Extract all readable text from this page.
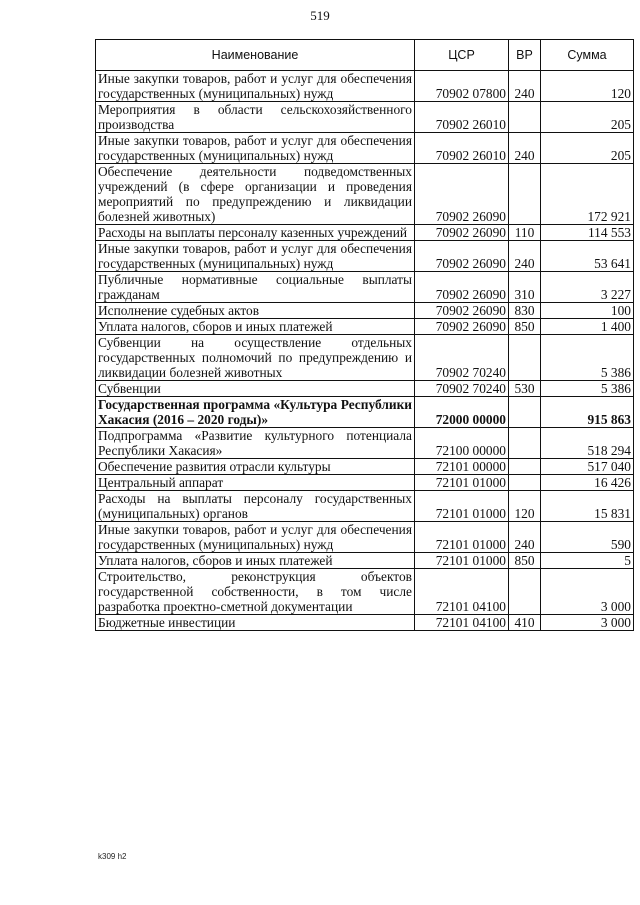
519
Наименование	ЦСР	ВР	Сумма
Иные закупки товаров, работ и услуг для обеспечения государственных (муниципальных) нужд	70902 07800	240	120
Мероприятия в области сельскохозяйственного производства	70902 26010		205
Иные закупки товаров, работ и услуг для обеспечения государственных (муниципальных) нужд	70902 26010	240	205
Обеспечение деятельности подведомственных учреждений (в сфере организации и проведения мероприятий по предупреждению и ликвидации болезней животных)	70902 26090		172 921
Расходы на выплаты персоналу казенных учреждений	70902 26090	110	114 553
Иные закупки товаров, работ и услуг для обеспечения государственных (муниципальных) нужд	70902 26090	240	53 641
Публичные нормативные социальные выплаты гражданам	70902 26090	310	3 227
Исполнение судебных актов	70902 26090	830	100
Уплата налогов, сборов и иных платежей	70902 26090	850	1 400
Субвенции на осуществление отдельных государственных полномочий по предупреждению и ликвидации болезней животных	70902 70240		5 386
Субвенции	70902 70240	530	5 386
Государственная программа «Культура Республики Хакасия (2016 – 2020 годы)»	72000 00000		915 863
Подпрограмма «Развитие культурного потенциала Республики Хакасия»	72100 00000		518 294
Обеспечение развития отрасли культуры	72101 00000		517 040
Центральный аппарат	72101 01000		16 426
Расходы на выплаты персоналу государственных (муниципальных) органов	72101 01000	120	15 831
Иные закупки товаров, работ и услуг для обеспечения государственных (муниципальных) нужд	72101 01000	240	590
Уплата налогов, сборов и иных платежей	72101 01000	850	5
Строительство, реконструкция объектов государственной собственности, в том числе разработка проектно-сметной документации	72101 04100		3 000
Бюджетные инвестиции	72101 04100	410	3 000
k309 h2
